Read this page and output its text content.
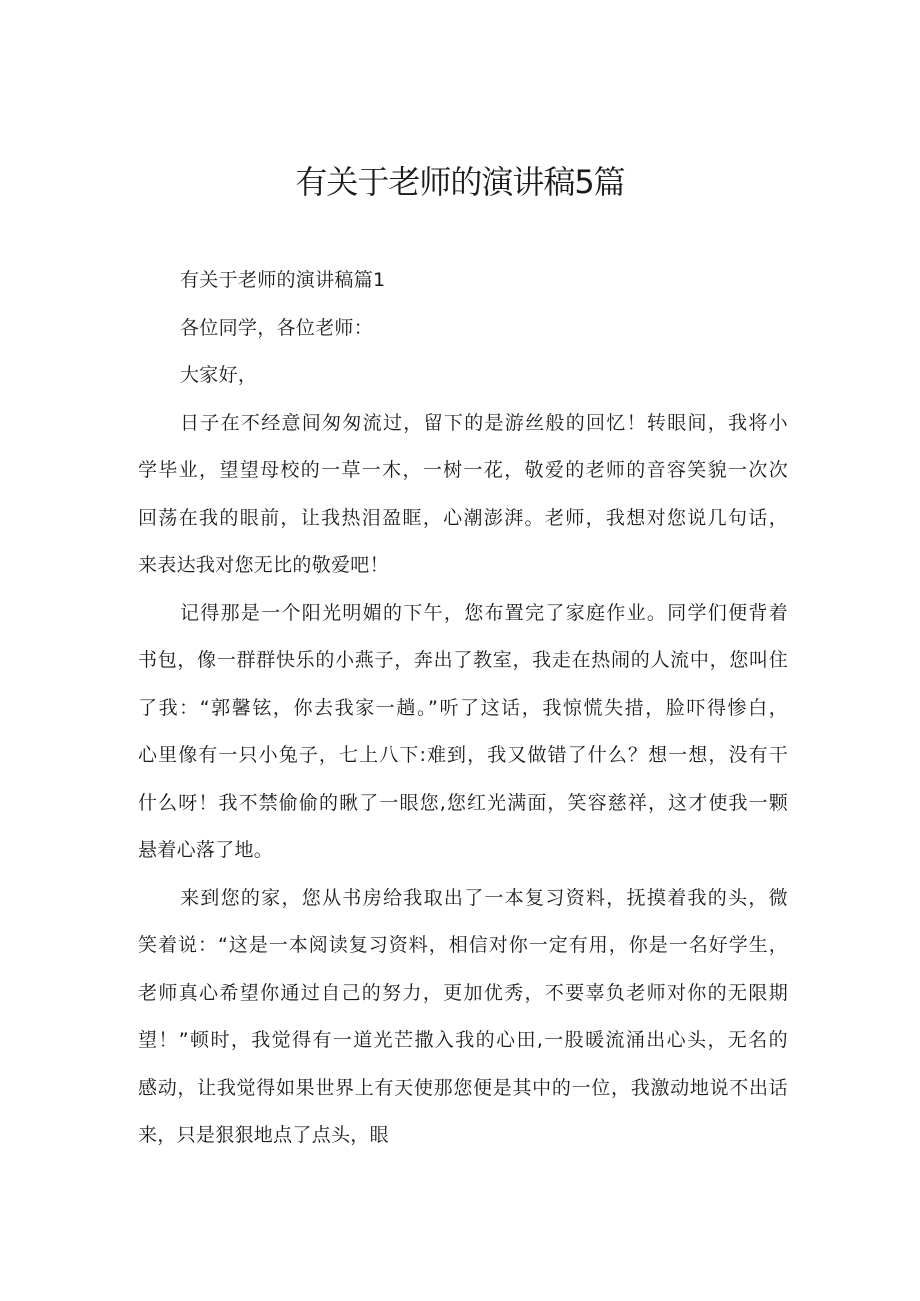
有关于老师的演讲稿5篇
有关于老师的演讲稿篇1
各位同学，各位老师：
大家好，
日子在不经意间匆匆流过，留下的是游丝般的回忆！转眼间，我将小
学毕业，望望母校的一草一木，一树一花，敬爱的老师的音容笑貌一次次
回荡在我的眼前，让我热泪盈眶，心潮澎湃。老师，我想对您说几句话，
来表达我对您无比的敬爱吧！
记得那是一个阳光明媚的下午，您布置完了家庭作业。同学们便背着
书包，像一群群快乐的小燕子，奔出了教室，我走在热闹的人流中，您叫住
了我：“郭馨铉，你去我家一趟。”听了这话，我惊慌失措，脸吓得惨白，
心里像有一只小兔子，七上八下:难到，我又做错了什么？想一想，没有干
什么呀！我不禁偷偷的瞅了一眼您,您红光满面，笑容慈祥，这才使我一颗
悬着心落了地。
来到您的家，您从书房给我取出了一本复习资料，抚摸着我的头，微
笑着说：“这是一本阅读复习资料，相信对你一定有用，你是一名好学生，
老师真心希望你通过自己的努力，更加优秀，不要辜负老师对你的无限期
望！”顿时，我觉得有一道光芒撒入我的心田,一股暖流涌出心头，无名的
感动，让我觉得如果世界上有天使那您便是其中的一位，我激动地说不出话
来，只是狠狠地点了点头，眼
